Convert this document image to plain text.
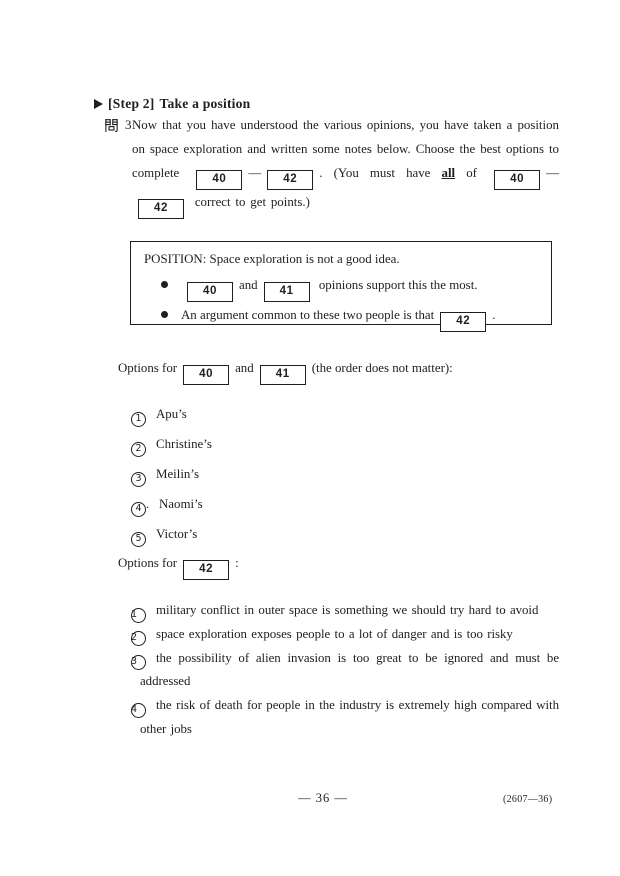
[Step 2] Take a position
3 Now that you have understood the various opinions, you have taken a position on space exploration and written some notes below. Choose the best options to complete	40 — 42 . (You must have all of	40 —42 correct to get points.)

POSITION: Space exploration is not a good idea.
40 and 41 opinions support this the most.
An argument common to these two people is that 42 .
Options for 40 and 41 (the order does not matter):
1 Apu’s
2 Christine’s
3 Meilin’s
4 . Naomi’s
5 Victor’s
Options for 42 :
1 military conflict in outer space is something we should try hard to avoid
2 space exploration exposes people to a lot of danger and is too risky
3 the possibility of alien invasion is too great to be ignored and must be addressed
4 the risk of death for people in the industry is extremely high compared with other jobs
— 36 —	(2607—36)
